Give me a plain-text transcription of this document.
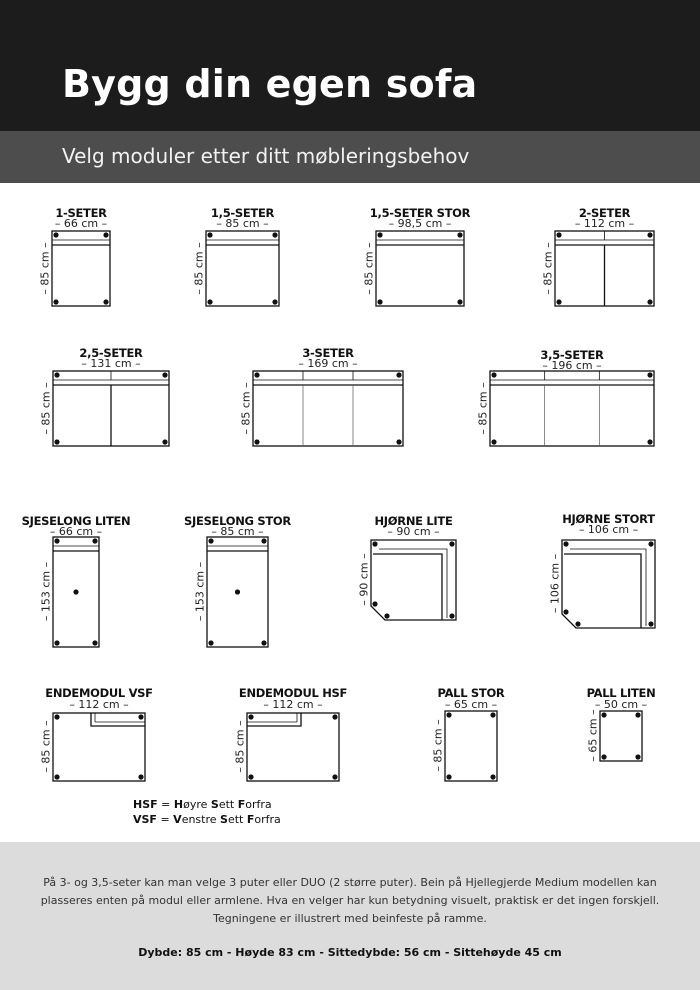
Bygg din egen sofa
Velg moduler etter ditt møbleringsbehov
1-SETER
– 66 cm –
– 85 cm –
1,5-SETER
– 85 cm –
– 85 cm –
1,5-SETER STOR
– 98,5 cm –
– 85 cm –
2-SETER
– 112 cm –
– 85 cm –
2,5-SETER
– 131 cm –
– 85 cm –
3-SETER
– 169 cm –
– 85 cm –
3,5-SETER
– 196 cm –
– 85 cm –
SJESELONG LITEN
– 66 cm –
– 153 cm –
SJESELONG STOR
– 85 cm –
– 153 cm –
HJØRNE LITE
– 90 cm –
– 90 cm –
HJØRNE STORT
– 106 cm –
– 106 cm –
ENDEMODUL VSF
– 112 cm –
– 85 cm –
ENDEMODUL HSF
– 112 cm –
– 85 cm –
PALL STOR
– 65 cm –
– 85 cm –
PALL LITEN
– 50 cm –
– 65 cm –
HSF = Høyre Sett Forfra
VSF = Venstre Sett Forfra
På 3- og 3,5-seter kan man velge 3 puter eller DUO (2 større puter). Bein på Hjellegjerde Medium modellen kan
plasseres enten på modul eller armlene. Hva en velger har kun betydning visuelt, praktisk er det ingen forskjell.
Tegningene er illustrert med beinfeste på ramme.
Dybde: 85 cm - Høyde 83 cm - Sittedybde: 56 cm - Sittehøyde 45 cm
